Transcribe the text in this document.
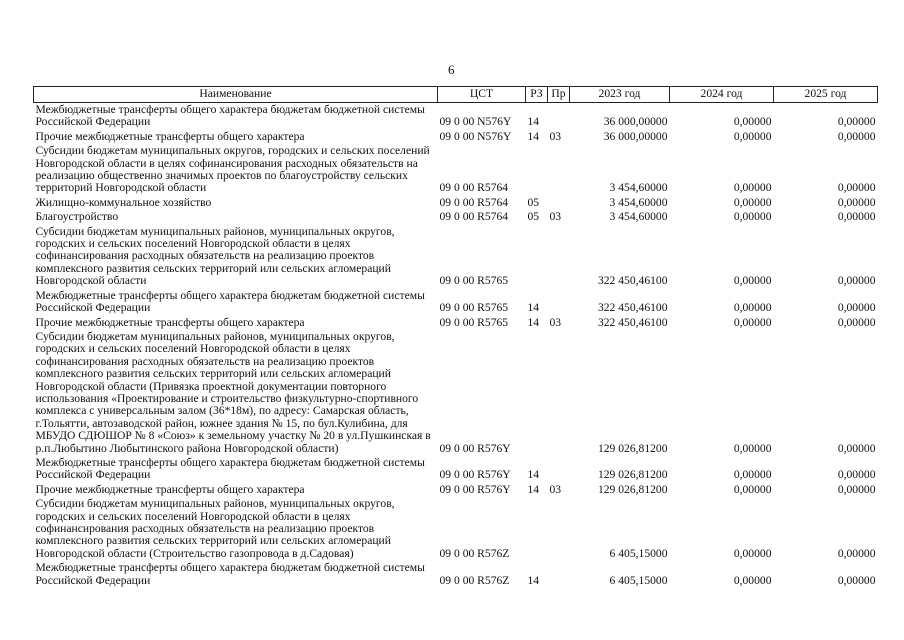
6
Наименование	ЦСТ	РЗ	Пр	2023 год	2024 год	2025 год
Межбюджетные трансферты общего характера бюджетам бюджетной системы Российской Федерации	09 0 00 N576Y	14		36 000,00000	0,00000	0,00000
Прочие межбюджетные трансферты общего характера	09 0 00 N576Y	14	03	36 000,00000	0,00000	0,00000
Субсидии бюджетам муниципальных округов, городских и сельских поселений Новгородской области в целях софинансирования расходных обязательств на реализацию общественно значимых проектов по благоустройству сельских территорий Новгородской области	09 0 00 R5764			3 454,60000	0,00000	0,00000
Жилищно-коммунальное хозяйство	09 0 00 R5764	05		3 454,60000	0,00000	0,00000
Благоустройство	09 0 00 R5764	05	03	3 454,60000	0,00000	0,00000
Субсидии бюджетам муниципальных районов, муниципальных округов, городских и сельских поселений Новгородской области в целях софинансирования расходных обязательств на реализацию проектов комплексного развития сельских территорий или сельских агломераций Новгородской области	09 0 00 R5765			322 450,46100	0,00000	0,00000
Межбюджетные трансферты общего характера бюджетам бюджетной системы Российской Федерации	09 0 00 R5765	14		322 450,46100	0,00000	0,00000
Прочие межбюджетные трансферты общего характера	09 0 00 R5765	14	03	322 450,46100	0,00000	0,00000
Субсидии бюджетам муниципальных районов, муниципальных округов, городских и сельских поселений Новгородской области в целях софинансирования расходных обязательств на реализацию проектов комплексного развития сельских территорий или сельских агломераций Новгородской области (Привязка проектной документации повторного использования «Проектирование и строительство физкультурно-спортивного комплекса с универсальным залом (36*18м), по адресу: Самарская область, г.Тольятти, автозаводской район, южнее здания № 15, по бул.Кулибина, для МБУДО СДЮШОР № 8 «Союз» к земельному участку № 20 в ул.Пушкинская в р.п.Любытино Любытинского района Новгородской области)	09 0 00 R576Y			129 026,81200	0,00000	0,00000
Межбюджетные трансферты общего характера бюджетам бюджетной системы Российской Федерации	09 0 00 R576Y	14		129 026,81200	0,00000	0,00000
Прочие межбюджетные трансферты общего характера	09 0 00 R576Y	14	03	129 026,81200	0,00000	0,00000
Субсидии бюджетам муниципальных районов, муниципальных округов, городских и сельских поселений Новгородской области в целях софинансирования расходных обязательств на реализацию проектов комплексного развития сельских территорий или сельских агломераций Новгородской области (Строительство газопровода в д.Садовая)	09 0 00 R576Z			6 405,15000	0,00000	0,00000
Межбюджетные трансферты общего характера бюджетам бюджетной системы Российской Федерации	09 0 00 R576Z	14		6 405,15000	0,00000	0,00000
